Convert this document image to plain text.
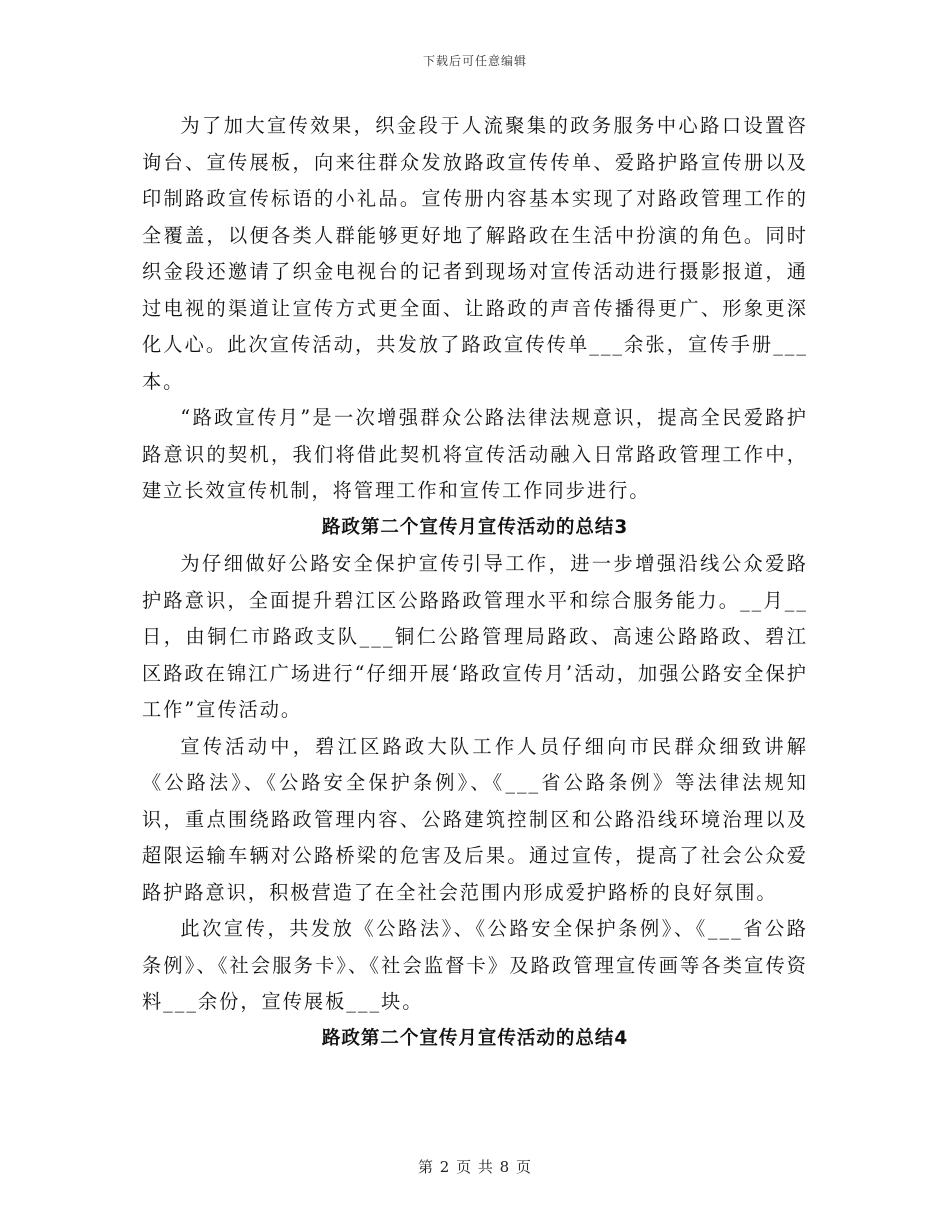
下载后可任意编辑

为了加大宣传效果，织金段于人流聚集的政务服务中心路口设置咨询台、宣传展板，向来往群众发放路政宣传传单、爱路护路宣传册以及印制路政宣传标语的小礼品。宣传册内容基本实现了对路政管理工作的全覆盖，以便各类人群能够更好地了解路政在生活中扮演的角色。同时织金段还邀请了织金电视台的记者到现场对宣传活动进行摄影报道，通过电视的渠道让宣传方式更全面、让路政的声音传播得更广、形象更深化人心。此次宣传活动，共发放了路政宣传传单___余张，宣传手册___本。

“路政宣传月”是一次增强群众公路法律法规意识，提高全民爱路护路意识的契机，我们将借此契机将宣传活动融入日常路政管理工作中，建立长效宣传机制，将管理工作和宣传工作同步进行。

路政第二个宣传月宣传活动的总结3

为仔细做好公路安全保护宣传引导工作，进一步增强沿线公众爱路护路意识，全面提升碧江区公路路政管理水平和综合服务能力。__月__日，由铜仁市路政支队___铜仁公路管理局路政、高速公路路政、碧江区路政在锦江广场进行“仔细开展‘路政宣传月’活动，加强公路安全保护工作”宣传活动。

宣传活动中，碧江区路政大队工作人员仔细向市民群众细致讲解《公路法》、《公路安全保护条例》、《___省公路条例》等法律法规知识，重点围绕路政管理内容、公路建筑控制区和公路沿线环境治理以及超限运输车辆对公路桥梁的危害及后果。通过宣传，提高了社会公众爱路护路意识，积极营造了在全社会范围内形成爱护路桥的良好氛围。

此次宣传，共发放《公路法》、《公路安全保护条例》、《___省公路条例》、《社会服务卡》、《社会监督卡》及路政管理宣传画等各类宣传资料___余份，宣传展板___块。

路政第二个宣传月宣传活动的总结4
第 2 页 共 8 页
